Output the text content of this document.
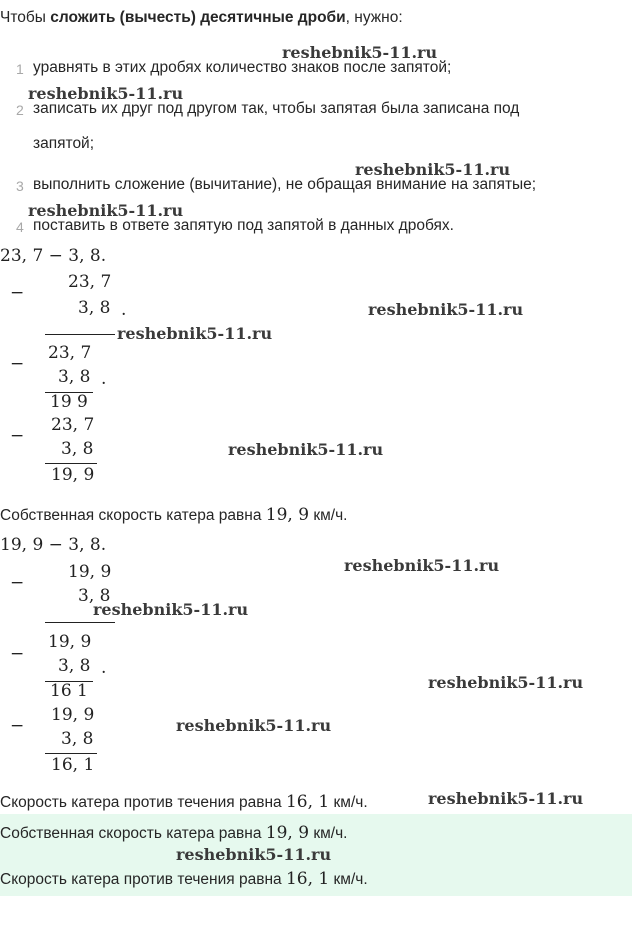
Чтобы сложить (вычесть) десятичные дроби, нужно:
1 уравнять в этих дробях количество знаков после запятой;
2 записать их друг под другом так, чтобы запятая была записана под
запятой;
3 выполнить сложение (вычитание), не обращая внимание на запятые;
4 поставить в ответе запятую под запятой в данных дробях.
23, 7 − 3, 8.
−
23, 7
3, 8 .
−
23, 7
3, 8 .
19 9
−
23, 7
3, 8
19, 9
Собственная скорость катера равна 19, 9 км/ч.
19, 9 − 3, 8.
−
19, 9
3, 8
−
19, 9
3, 8 .
16 1
−
19, 9
3, 8
16, 1
Скорость катера против течения равна 16, 1 км/ч.
Собственная скорость катера равна 19, 9 км/ч.
Скорость катера против течения равна 16, 1 км/ч.
reshebnik5-11.ru
reshebnik5-11.ru
reshebnik5-11.ru
reshebnik5-11.ru
reshebnik5-11.ru
reshebnik5-11.ru
reshebnik5-11.ru
reshebnik5-11.ru
reshebnik5-11.ru
reshebnik5-11.ru
reshebnik5-11.ru
reshebnik5-11.ru
reshebnik5-11.ru
